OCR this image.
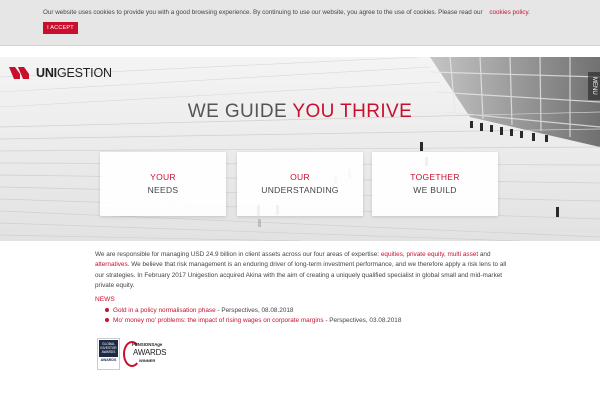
Our website uses cookies to provide you with a good browsing experience. By continuing to use our website, you agree to the use of cookies. Please read our cookies policy.
I ACCEPT
UNIGESTION
MENU
WE GUIDE YOU THRIVE
YOUR
NEEDS
OUR
UNDERSTANDING
TOGETHER
WE BUILD
We are responsible for managing USD 24.9 billion in client assets across our four areas of expertise: equities, private equity, multi asset and alternatives. We believe that risk management is an enduring driver of long-term investment performance, and we therefore apply a risk lens to all our strategies. In February 2017 Unigestion acquired Akina with the aim of creating a uniquely qualified specialist in global small and mid-market private equity.
NEWS
Gold in a policy normalisation phase - Perspectives, 08.08.2018
Mo' money mo' problems: the impact of rising wages on corporate margins - Perspectives, 03.08.2018
GLOBAL INVESTOR AWARDS
AWARDS
PENSIONSAge
AWARDS
WINNER
